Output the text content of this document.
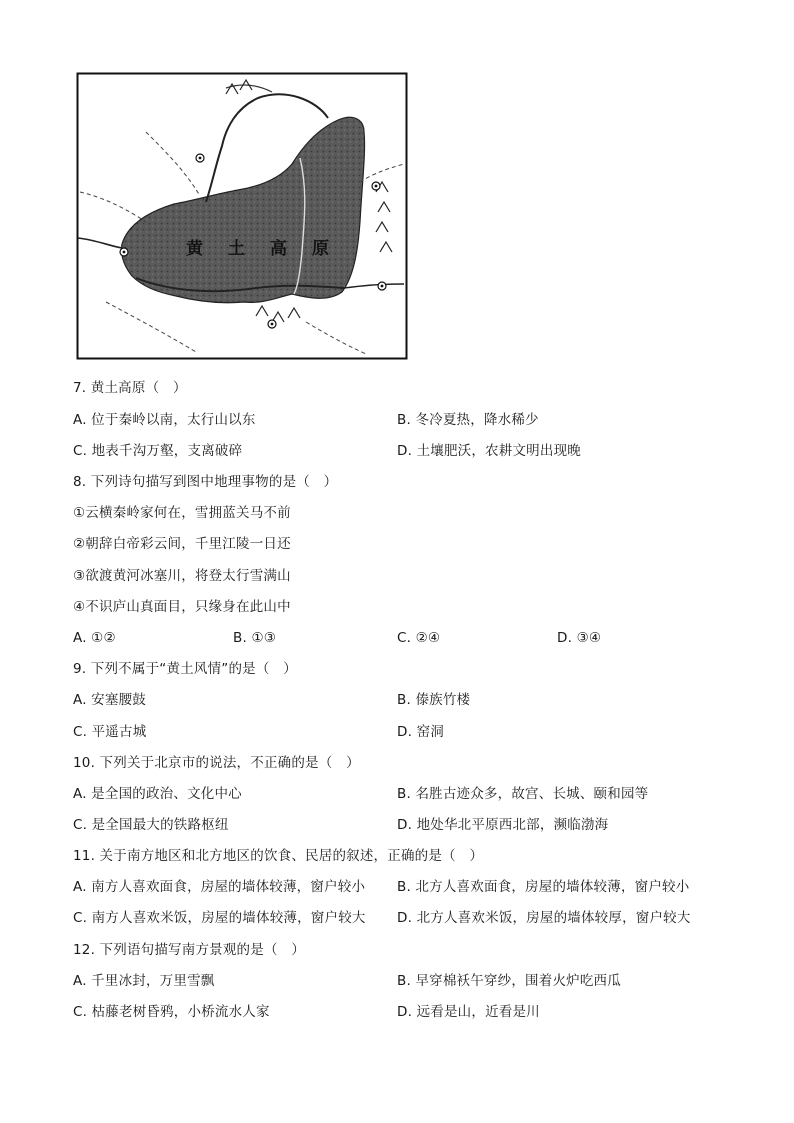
黄 土 高 原
7. 黄土高原（　）
A. 位于秦岭以南，太行山以东	B. 冬冷夏热，降水稀少
C. 地表千沟万壑，支离破碎	D. 土壤肥沃，农耕文明出现晚
8. 下列诗句描写到图中地理事物的是（　）
①云横秦岭家何在，雪拥蓝关马不前
②朝辞白帝彩云间，千里江陵一日还
③欲渡黄河冰塞川，将登太行雪满山
④不识庐山真面目，只缘身在此山中
A. ①②	B. ①③	C. ②④	D. ③④
9. 下列不属于“黄土风情”的是（　）
A. 安塞腰鼓	B. 傣族竹楼
C. 平遥古城	D. 窑洞
10. 下列关于北京市的说法，不正确的是（　）
A. 是全国的政治、文化中心	B. 名胜古迹众多，故宫、长城、颐和园等
C. 是全国最大的铁路枢纽	D. 地处华北平原西北部，濒临渤海
11. 关于南方地区和北方地区的饮食、民居的叙述，正确的是（　）
A. 南方人喜欢面食，房屋的墙体较薄，窗户较小 B. 北方人喜欢面食，房屋的墙体较薄，窗户较小
C. 南方人喜欢米饭，房屋的墙体较薄，窗户较大 D. 北方人喜欢米饭，房屋的墙体较厚，窗户较大
12. 下列语句描写南方景观的是（　）
A. 千里冰封，万里雪飘	B. 早穿棉袄午穿纱，围着火炉吃西瓜
C. 枯藤老树昏鸦，小桥流水人家	D. 远看是山，近看是川
